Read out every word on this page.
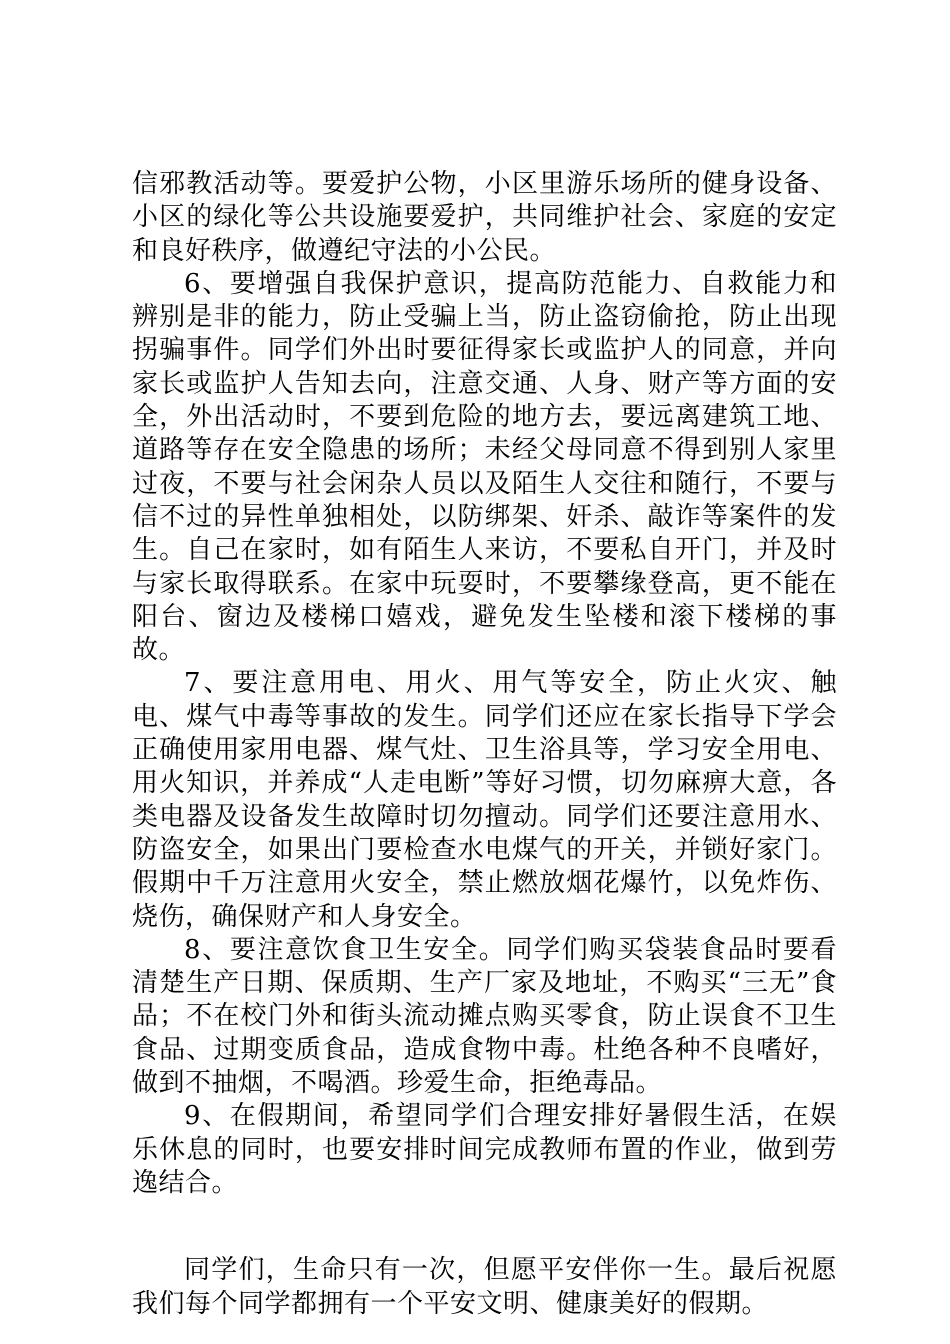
信邪教活动等。要爱护公物，小区里游乐场所的健身设备、小区的绿化等公共设施要爱护，共同维护社会、家庭的安定和良好秩序，做遵纪守法的小公民。

6、要增强自我保护意识，提高防范能力、自救能力和辨别是非的能力，防止受骗上当，防止盗窃偷抢，防止出现拐骗事件。同学们外出时要征得家长或监护人的同意，并向家长或监护人告知去向，注意交通、人身、财产等方面的安全，外出活动时，不要到危险的地方去，要远离建筑工地、道路等存在安全隐患的场所；未经父母同意不得到别人家里过夜，不要与社会闲杂人员以及陌生人交往和随行，不要与信不过的异性单独相处，以防绑架、奸杀、敲诈等案件的发生。自己在家时，如有陌生人来访，不要私自开门，并及时与家长取得联系。在家中玩耍时，不要攀缘登高，更不能在阳台、窗边及楼梯口嬉戏，避免发生坠楼和滚下楼梯的事故。

7、要注意用电、用火、用气等安全，防止火灾、触电、煤气中毒等事故的发生。同学们还应在家长指导下学会正确使用家用电器、煤气灶、卫生浴具等，学习安全用电、用火知识，并养成“人走电断”等好习惯，切勿麻痹大意，各类电器及设备发生故障时切勿擅动。同学们还要注意用水、防盗安全，如果出门要检查水电煤气的开关，并锁好家门。假期中千万注意用火安全，禁止燃放烟花爆竹，以免炸伤、烧伤，确保财产和人身安全。

8、要注意饮食卫生安全。同学们购买袋装食品时要看清楚生产日期、保质期、生产厂家及地址，不购买“三无”食品；不在校门外和街头流动摊点购买零食，防止误食不卫生食品、过期变质食品，造成食物中毒。杜绝各种不良嗜好，做到不抽烟，不喝酒。珍爱生命，拒绝毒品。

9、在假期间，希望同学们合理安排好暑假生活，在娱乐休息的同时，也要安排时间完成教师布置的作业，做到劳逸结合。

同学们，生命只有一次，但愿平安伴你一生。最后祝愿我们每个同学都拥有一个平安文明、健康美好的假期。
